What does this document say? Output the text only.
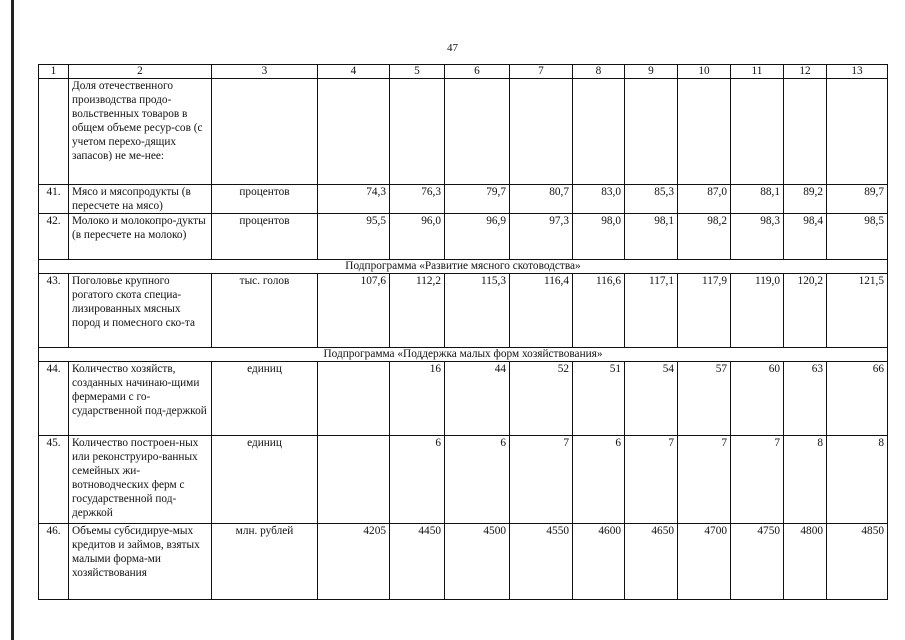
47
1	2	3	4	5	6	7	8	9	10	11	12	13
	Доля отечественного производства продо-вольственных товаров в общем объеме ресур-сов (с учетом перехо-дящих запасов) не ме-нее:											
41.	Мясо и мясопродукты (в пересчете на мясо)	процентов	74,3	76,3	79,7	80,7	83,0	85,3	87,0	88,1	89,2	89,7
42.	Молоко и молокопро-дукты (в пересчете на молоко)	процентов	95,5	96,0	96,9	97,3	98,0	98,1	98,2	98,3	98,4	98,5
Подпрограмма «Развитие мясного скотоводства»												
43.	Поголовье крупного рогатого скота специа-лизированных мясных пород и помесного ско-та	тыс. голов	107,6	112,2	115,3	116,4	116,6	117,1	117,9	119,0	120,2	121,5
Подпрограмма «Поддержка малых форм хозяйствования»												
44.	Количество хозяйств, созданных начинаю-щими фермерами с го-сударственной под-держкой	единиц		16	44	52	51	54	57	60	63	66
45.	Количество построен-ных или реконструиро-ванных семейных жи-вотноводческих ферм с государственной под-держкой	единиц		6	6	7	6	7	7	7	8	8
46.	Объемы субсидируе-мых кредитов и займов, взятых малыми форма-ми хозяйствования	млн. рублей	4205	4450	4500	4550	4600	4650	4700	4750	4800	4850
